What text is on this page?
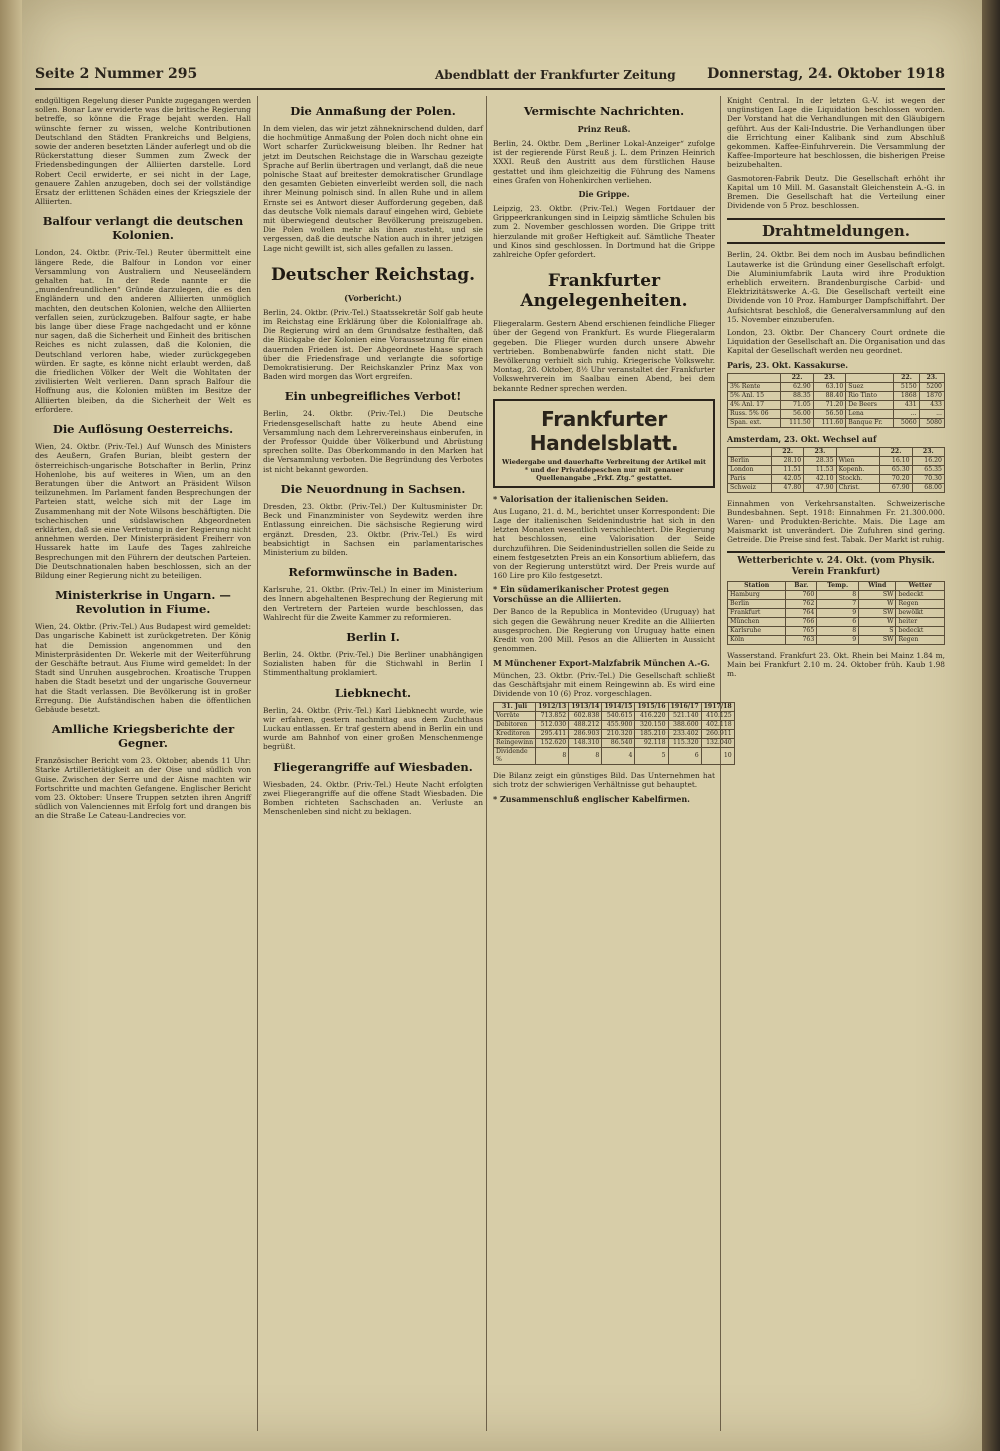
Seite 2 Nummer 295	Abendblatt der Frankfurter Zeitung Donnerstag, 24. Oktober 1918

endgültigen Regelung dieser Punkte zugegangen werden sollen. Bonar Law erwiderte was die britische Regierung betreffe, so könne die Frage bejaht werden. Hall wünschte ferner zu wissen, welche Kontributionen Deutschland den Städten Frankreichs und Belgiens, sowie der anderen besetzten Länder auferlegt und ob die Rückerstattung dieser Summen zum Zweck der Friedensbedingungen der Alliierten darstelle. Lord Robert Cecil erwiderte, er sei nicht in der Lage, genauere Zahlen anzugeben, doch sei der vollständige Ersatz der erlittenen Schäden eines der Kriegsziele der Alliierten.

Balfour verlangt die deutschen Kolonien.

London, 24. Oktbr. (Priv.-Tel.) Reuter übermittelt eine längere Rede, die Balfour in London vor einer Versammlung von Australiern und Neuseeländern gehalten hat. In der Rede nannte er die „mundenfreundlichen“ Gründe darzulegen, die es den Engländern und den anderen Alliierten unmöglich machten, den deutschen Kolonien, welche den Alliierten verfallen seien, zurückzugeben. Balfour sagte, er habe bis lange über diese Frage nachgedacht und er könne nur sagen, daß die Sicherheit und Einheit des britischen Reiches es nicht zulassen, daß die Kolonien, die Deutschland verloren habe, wieder zurückgegeben würden. Er sagte, es könne nicht erlaubt werden, daß die friedlichen Völker der Welt die Wohltaten der zivilisierten Welt verlieren. Dann sprach Balfour die Hoffnung aus, die Kolonien müßten im Besitze der Alliierten bleiben, da die Sicherheit der Welt es erfordere.

Die Auflösung Oesterreichs.

Wien, 24. Oktbr. (Priv.-Tel.) Auf Wunsch des Ministers des Aeußern, Grafen Burian, bleibt gestern der österreichisch-ungarische Botschafter in Berlin, Prinz Hohenlohe, bis auf weiteres in Wien, um an den Beratungen über die Antwort an Präsident Wilson teilzunehmen. Im Parlament fanden Besprechungen der Parteien statt, welche sich mit der Lage im Zusammenhang mit der Note Wilsons beschäftigten. Die tschechischen und südslawischen Abgeordneten erklärten, daß sie eine Vertretung in der Regierung nicht annehmen werden. Der Ministerpräsident Freiherr von Hussarek hatte im Laufe des Tages zahlreiche Besprechungen mit den Führern der deutschen Parteien. Die Deutschnationalen haben beschlossen, sich an der Bildung einer Regierung nicht zu beteiligen.

Ministerkrise in Ungarn. — Revolution in Fiume.

Wien, 24. Oktbr. (Priv.-Tel.) Aus Budapest wird gemeldet: Das ungarische Kabinett ist zurückgetreten. Der König hat die Demission angenommen und den Ministerpräsidenten Dr. Wekerle mit der Weiterführung der Geschäfte betraut. Aus Fiume wird gemeldet: In der Stadt sind Unruhen ausgebrochen. Kroatische Truppen haben die Stadt besetzt und der ungarische Gouverneur hat die Stadt verlassen. Die Bevölkerung ist in großer Erregung. Die Aufständischen haben die öffentlichen Gebäude besetzt.

Amlliche Kriegsberichte der Gegner.

Französischer Bericht vom 23. Oktober, abends 11 Uhr: Starke Artillerietätigkeit an der Oise und südlich von Guise. Zwischen der Serre und der Aisne machten wir Fortschritte und machten Gefangene. Englischer Bericht vom 23. Oktober: Unsere Truppen setzten ihren Angriff südlich von Valenciennes mit Erfolg fort und drangen bis an die Straße Le Cateau-Landrecies vor.

Die Anmaßung der Polen.

In dem vielen, das wir jetzt zähneknirschend dulden, darf die hochmütige Anmaßung der Polen doch nicht ohne ein Wort scharfer Zurückweisung bleiben. Ihr Redner hat jetzt im Deutschen Reichstage die in Warschau gezeigte Sprache auf Berlin übertragen und verlangt, daß die neue polnische Staat auf breitester demokratischer Grundlage den gesamten Gebieten einverleibt werden soll, die nach ihrer Meinung polnisch sind. In allen Ruhe und in allem Ernste sei es Antwort dieser Aufforderung gegeben, daß das deutsche Volk niemals darauf eingehen wird, Gebiete mit überwiegend deutscher Bevölkerung preiszugeben. Die Polen wollen mehr als ihnen zusteht, und sie vergessen, daß die deutsche Nation auch in ihrer jetzigen Lage nicht gewillt ist, sich alles gefallen zu lassen.

Deutscher Reichstag.
(Vorbericht.)

Berlin, 24. Oktbr. (Priv.-Tel.) Staatssekretär Solf gab heute im Reichstag eine Erklärung über die Kolonialfrage ab. Die Regierung wird an dem Grundsatze festhalten, daß die Rückgabe der Kolonien eine Voraussetzung für einen dauernden Frieden ist. Der Abgeordnete Haase sprach über die Friedensfrage und verlangte die sofortige Demokratisierung. Der Reichskanzler Prinz Max von Baden wird morgen das Wort ergreifen.

Ein unbegreifliches Verbot!

Berlin, 24. Oktbr. (Priv.-Tel.) Die Deutsche Friedensgesellschaft hatte zu heute Abend eine Versammlung nach dem Lehrervereinshaus einberufen, in der Professor Quidde über Völkerbund und Abrüstung sprechen sollte. Das Oberkommando in den Marken hat die Versammlung verboten. Die Begründung des Verbotes ist nicht bekannt geworden.

Die Neuordnung in Sachsen.

Dresden, 23. Oktbr. (Priv.-Tel.) Der Kultusminister Dr. Beck und Finanzminister von Seydewitz werden ihre Entlassung einreichen. Die sächsische Regierung wird ergänzt. Dresden, 23. Oktbr. (Priv.-Tel.) Es wird beabsichtigt in Sachsen ein parlamentarisches Ministerium zu bilden.

Reformwünsche in Baden.

Karlsruhe, 21. Oktbr. (Priv.-Tel.) In einer im Ministerium des Innern abgehaltenen Besprechung der Regierung mit den Vertretern der Parteien wurde beschlossen, das Wahlrecht für die Zweite Kammer zu reformieren.

Berlin I.

Berlin, 24. Oktbr. (Priv.-Tel.) Die Berliner unabhängigen Sozialisten haben für die Stichwahl in Berlin I Stimmenthaltung proklamiert.

Liebknecht.

Berlin, 24. Oktbr. (Priv.-Tel.) Karl Liebknecht wurde, wie wir erfahren, gestern nachmittag aus dem Zuchthaus Luckau entlassen. Er traf gestern abend in Berlin ein und wurde am Bahnhof von einer großen Menschenmenge begrüßt.

Fliegerangriffe auf Wiesbaden.

Wiesbaden, 24. Oktbr. (Priv.-Tel.) Heute Nacht erfolgten zwei Fliegerangriffe auf die offene Stadt Wiesbaden. Die Bomben richteten Sachschaden an. Verluste an Menschenleben sind nicht zu beklagen.

Vermischte Nachrichten.
Prinz Reuß.

Berlin, 24. Oktbr. Dem „Berliner Lokal-Anzeiger“ zufolge ist der regierende Fürst Reuß j. L. dem Prinzen Heinrich XXXI. Reuß den Austritt aus dem fürstlichen Hause gestattet und ihm gleichzeitig die Führung des Namens eines Grafen von Hohenkirchen verliehen.

Die Grippe.

Leipzig, 23. Oktbr. (Priv.-Tel.) Wegen Fortdauer der Grippeerkrankungen sind in Leipzig sämtliche Schulen bis zum 2. November geschlossen worden. Die Grippe tritt hierzulande mit großer Heftigkeit auf. Sämtliche Theater und Kinos sind geschlossen. In Dortmund hat die Grippe zahlreiche Opfer gefordert.

Frankfurter Angelegenheiten.

Fliegeralarm. Gestern Abend erschienen feindliche Flieger über der Gegend von Frankfurt. Es wurde Fliegeralarm gegeben. Die Flieger wurden durch unsere Abwehr vertrieben. Bombenabwürfe fanden nicht statt. Die Bevölkerung verhielt sich ruhig. Kriegerische Volkswehr. Montag, 28. Oktober, 8½ Uhr veranstaltet der Frankfurter Volkswehrverein im Saalbau einen Abend, bei dem bekannte Redner sprechen werden.

Frankfurter Handelsblatt.
Wiedergabe und dauerhafte Verbreitung der Artikel mit * und der Privatdepeschen nur mit genauer Quellenangabe „Frkf. Ztg.“ gestattet.
* Valorisation der italienischen Seiden.

Aus Lugano, 21. d. M., berichtet unser Korrespondent: Die Lage der italienischen Seidenindustrie hat sich in den letzten Monaten wesentlich verschlechtert. Die Regierung hat beschlossen, eine Valorisation der Seide durchzuführen. Die Seidenindustriellen sollen die Seide zu einem festgesetzten Preis an ein Konsortium abliefern, das von der Regierung unterstützt wird. Der Preis wurde auf 160 Lire pro Kilo festgesetzt.

* Ein südamerikanischer Protest gegen Vorschüsse an die Alliierten.

Der Banco de la Republica in Montevideo (Uruguay) hat sich gegen die Gewährung neuer Kredite an die Alliierten ausgesprochen. Die Regierung von Uruguay hatte einen Kredit von 200 Mill. Pesos an die Alliierten in Aussicht genommen.

M Münchener Export-Malzfabrik München A.-G.

München, 23. Oktbr. (Priv.-Tel.) Die Gesellschaft schließt das Geschäftsjahr mit einem Reingewinn ab. Es wird eine Dividende von 10 (6) Proz. vorgeschlagen.

31. Juli	1912/13	1913/14	1914/15	1915/16	1916/17	1917/18
Vorräte	713.852	602.838	540.615	416.220	521.140	410.125
Debitoren	512.030	488.212	455.900	320.150	388.600	402.118
Kreditoren	295.411	286.903	210.320	185.210	233.402	260.911
Reingewinn	152.620	148.310	86.540	92.118	115.320	132.040
Dividende %	8	8	4	5	6	10

Die Bilanz zeigt ein günstiges Bild. Das Unternehmen hat sich trotz der schwierigen Verhältnisse gut behauptet.

* Zusammenschluß englischer Kabelfirmen.

Knight Central. In der letzten G.-V. ist wegen der ungünstigen Lage die Liquidation beschlossen worden. Der Vorstand hat die Verhandlungen mit den Gläubigern geführt. Aus der Kali-Industrie. Die Verhandlungen über die Errichtung einer Kalibank sind zum Abschluß gekommen. Kaffee-Einfuhrverein. Die Versammlung der Kaffee-Importeure hat beschlossen, die bisherigen Preise beizubehalten.

Gasmotoren-Fabrik Deutz. Die Gesellschaft erhöht ihr Kapital um 10 Mill. M. Gasanstalt Gleichenstein A.-G. in Bremen. Die Gesellschaft hat die Verteilung einer Dividende von 5 Proz. beschlossen.

Drahtmeldungen.

Berlin, 24. Oktbr. Bei dem noch im Ausbau befindlichen Lautawerke ist die Gründung einer Gesellschaft erfolgt. Die Aluminiumfabrik Lauta wird ihre Produktion erheblich erweitern. Brandenburgische Carbid- und Elektrizitätswerke A.-G. Die Gesellschaft verteilt eine Dividende von 10 Proz. Hamburger Dampfschiffahrt. Der Aufsichtsrat beschloß, die Generalversammlung auf den 15. November einzuberufen.

London, 23. Oktbr. Der Chancery Court ordnete die Liquidation der Gesellschaft an. Die Organisation und das Kapital der Gesellschaft werden neu geordnet.

Paris, 23. Okt. Kassakurse.
	22.	23.		22.	23.
3% Rente	62.90	63.10	Suez	5150	5200
5% Anl. 15	88.35	88.40	Rio Tinto	1868	1870
4% Anl. 17	71.05	71.20	De Beers	431	433
Russ. 5% 06	56.00	56.50	Lena	...	...
Span. ext.	111.50	111.60	Banque Fr.	5060	5080
Amsterdam, 23. Okt. Wechsel auf
	22.	23.		22.	23.
Berlin	28.10	28.35	Wien	16.10	16.20
London	11.51	11.53	Kopenh.	65.30	65.35
Paris	42.05	42.10	Stockh.	70.20	70.30
Schweiz	47.80	47.90	Christ.	67.90	68.00

Einnahmen von Verkehrsanstalten. Schweizerische Bundesbahnen. Sept. 1918: Einnahmen Fr. 21.300.000. Waren- und Produkten-Berichte. Mais. Die Lage am Maismarkt ist unverändert. Die Zufuhren sind gering. Getreide. Die Preise sind fest. Tabak. Der Markt ist ruhig.

Wetterberichte v. 24. Okt. (vom Physik. Verein Frankfurt)
Station	Bar.	Temp.	Wind	Wetter
Hamburg	760	8	SW	bedeckt
Berlin	762	7	W	Regen
Frankfurt	764	9	SW	bewölkt
München	766	6	W	heiter
Karlsruhe	765	8	S	bedeckt
Köln	763	9	SW	Regen

Wasserstand. Frankfurt 23. Okt. Rhein bei Mainz 1.84 m, Main bei Frankfurt 2.10 m. 24. Oktober früh. Kaub 1.98 m.
